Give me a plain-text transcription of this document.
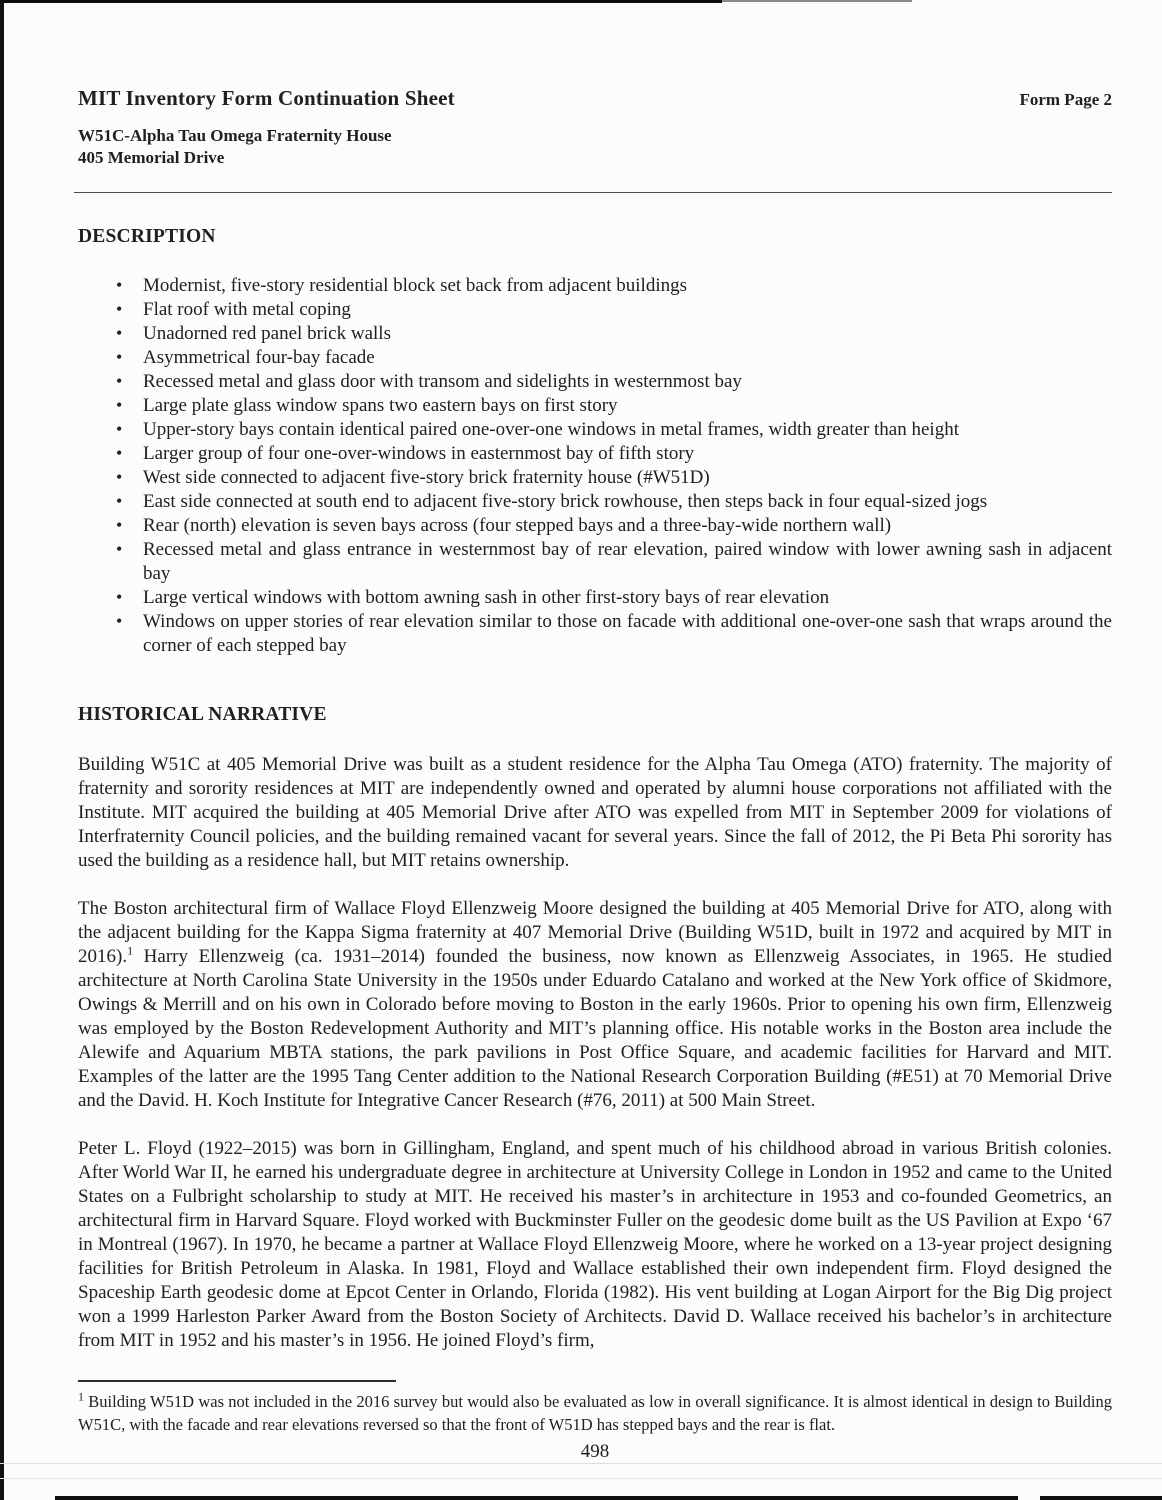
MIT Inventory Form Continuation Sheet	Form Page 2
W51C-Alpha Tau Omega Fraternity House
405 Memorial Drive
DESCRIPTION
• Modernist, five-story residential block set back from adjacent buildings
• Flat roof with metal coping
• Unadorned red panel brick walls
• Asymmetrical four-bay facade
• Recessed metal and glass door with transom and sidelights in westernmost bay
• Large plate glass window spans two eastern bays on first story
• Upper-story bays contain identical paired one-over-one windows in metal frames, width greater than height
• Larger group of four one-over-windows in easternmost bay of fifth story
• West side connected to adjacent five-story brick fraternity house (#W51D)
• East side connected at south end to adjacent five-story brick rowhouse, then steps back in four equal-sized jogs
• Rear (north) elevation is seven bays across (four stepped bays and a three-bay-wide northern wall)
• Recessed metal and glass entrance in westernmost bay of rear elevation, paired window with lower awning sash in adjacent bay
• Large vertical windows with bottom awning sash in other first-story bays of rear elevation
• Windows on upper stories of rear elevation similar to those on facade with additional one-over-one sash that wraps around the corner of each stepped bay
HISTORICAL NARRATIVE

Building W51C at 405 Memorial Drive was built as a student residence for the Alpha Tau Omega (ATO) fraternity. The majority of fraternity and sorority residences at MIT are independently owned and operated by alumni house corporations not affiliated with the Institute. MIT acquired the building at 405 Memorial Drive after ATO was expelled from MIT in September 2009 for violations of Interfraternity Council policies, and the building remained vacant for several years. Since the fall of 2012, the Pi Beta Phi sorority has used the building as a residence hall, but MIT retains ownership.

The Boston architectural firm of Wallace Floyd Ellenzweig Moore designed the building at 405 Memorial Drive for ATO, along with the adjacent building for the Kappa Sigma fraternity at 407 Memorial Drive (Building W51D, built in 1972 and acquired by MIT in 2016).$^1$ Harry Ellenzweig (ca. 1931–2014) founded the business, now known as Ellenzweig Associates, in 1965. He studied architecture at North Carolina State University in the 1950s under Eduardo Catalano and worked at the New York office of Skidmore, Owings & Merrill and on his own in Colorado before moving to Boston in the early 1960s. Prior to opening his own firm, Ellenzweig was employed by the Boston Redevelopment Authority and MIT’s planning office. His notable works in the Boston area include the Alewife and Aquarium MBTA stations, the park pavilions in Post Office Square, and academic facilities for Harvard and MIT. Examples of the latter are the 1995 Tang Center addition to the National Research Corporation Building (#E51) at 70 Memorial Drive and the David. H. Koch Institute for Integrative Cancer Research (#76, 2011) at 500 Main Street.

Peter L. Floyd (1922–2015) was born in Gillingham, England, and spent much of his childhood abroad in various British colonies. After World War II, he earned his undergraduate degree in architecture at University College in London in 1952 and came to the United States on a Fulbright scholarship to study at MIT. He received his master’s in architecture in 1953 and co-founded Geometrics, an architectural firm in Harvard Square. Floyd worked with Buckminster Fuller on the geodesic dome built as the US Pavilion at Expo ‘67 in Montreal (1967). In 1970, he became a partner at Wallace Floyd Ellenzweig Moore, where he worked on a 13-year project designing facilities for British Petroleum in Alaska. In 1981, Floyd and Wallace established their own independent firm. Floyd designed the Spaceship Earth geodesic dome at Epcot Center in Orlando, Florida (1982). His vent building at Logan Airport for the Big Dig project won a 1999 Harleston Parker Award from the Boston Society of Architects. David D. Wallace received his bachelor’s in architecture from MIT in 1952 and his master’s in 1956. He joined Floyd’s firm,

$^1$ Building W51D was not included in the 2016 survey but would also be evaluated as low in overall significance. It is almost identical in design to Building W51C, with the facade and rear elevations reversed so that the front of W51D has stepped bays and the rear is flat.

498
